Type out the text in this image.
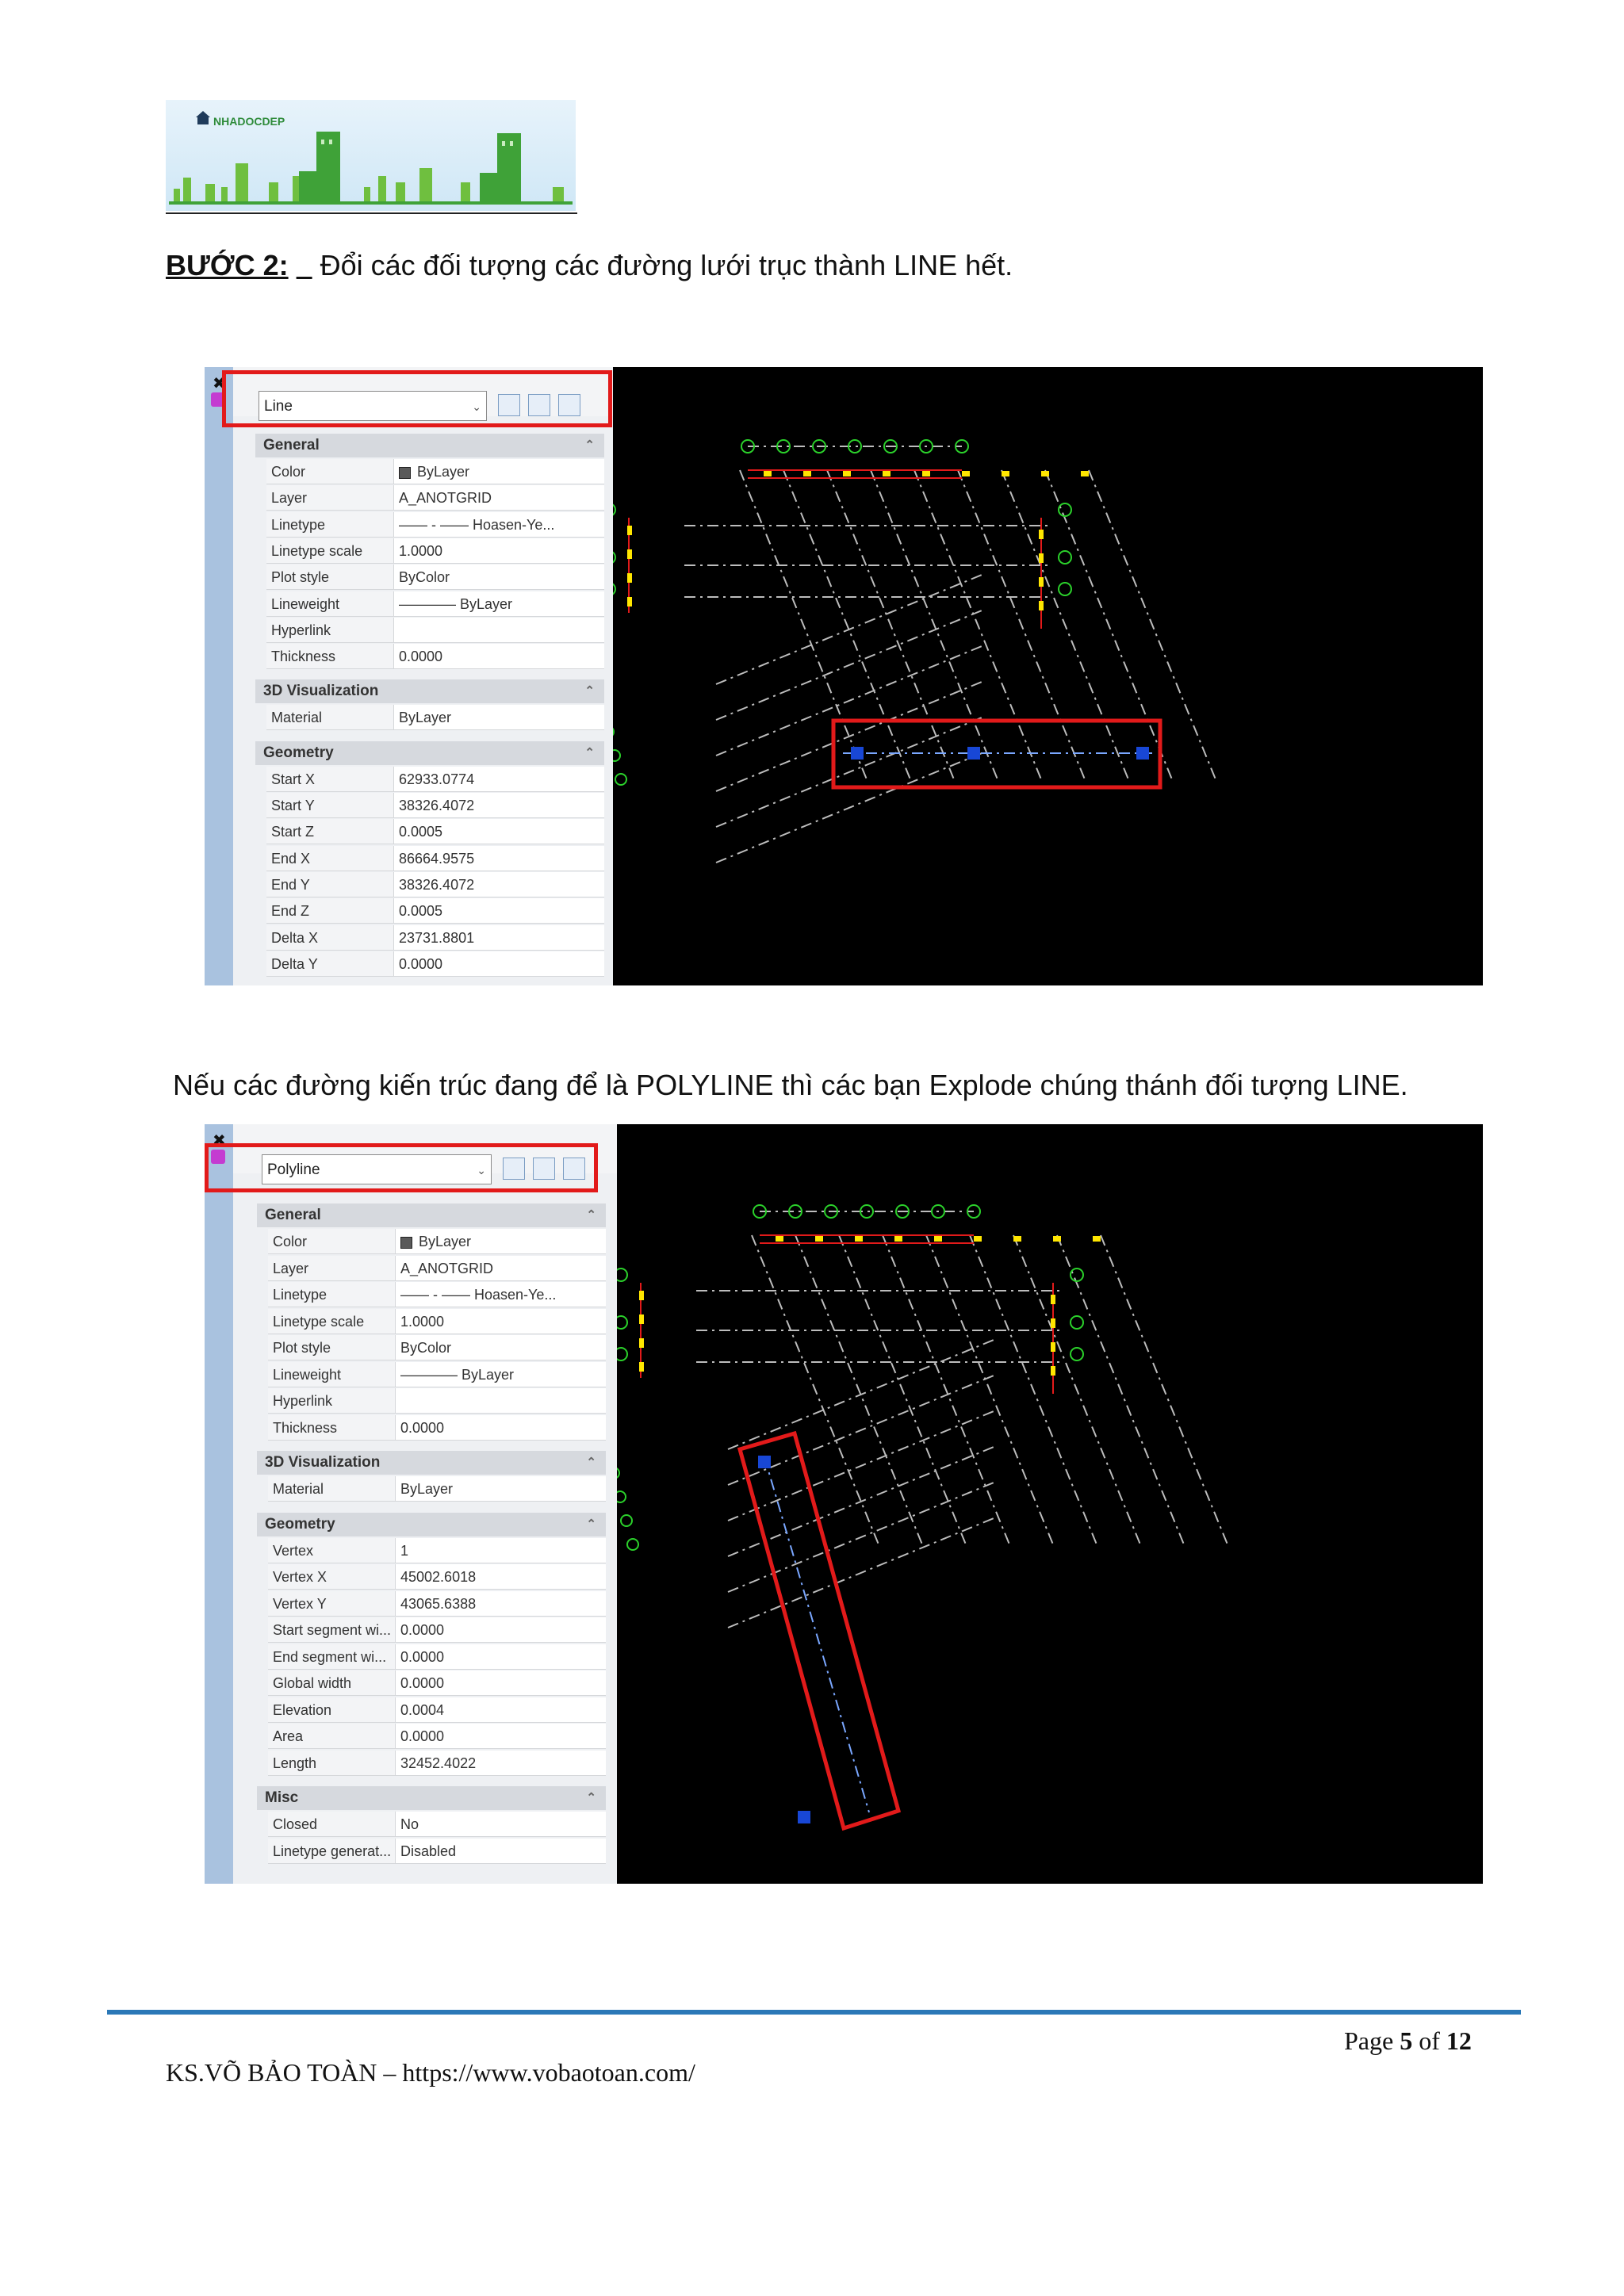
NHADOCDEP
BƯỚC 2: Đổi các đối tượng các đường lưới trục thành LINE hết.
✖
Line	⌄
General	⌃
Color	ByLayer
Layer	A_ANOTGRID
Linetype	—— - —— Hoasen-Ye...
Linetype scale	1.0000
Plot style	ByColor
Lineweight	———— ByLayer
Hyperlink
Thickness	0.0000
3D Visualization	⌃
Material	ByLayer
Geometry	⌃
Start X	62933.0774
Start Y	38326.4072
Start Z	0.0005
End X	86664.9575
End Y	38326.4072
End Z	0.0005
Delta X	23731.8801
Delta Y	0.0000
Nếu các đường kiến trúc đang để là POLYLINE thì các bạn Explode chúng thánh đối tượng LINE.
✖
Polyline	⌄
General	⌃
Color	ByLayer
Layer	A_ANOTGRID
Linetype	—— - —— Hoasen-Ye...
Linetype scale	1.0000
Plot style	ByColor
Lineweight	———— ByLayer
Hyperlink
Thickness	0.0000
3D Visualization	⌃
Material	ByLayer
Geometry	⌃
Vertex	1
Vertex X	45002.6018
Vertex Y	43065.6388
Start segment wi... 0.0000
End segment wi... 0.0000
Global width	0.0000
Elevation	0.0004
Area	0.0000
Length	32452.4022
Misc	⌃
Closed	No
Linetype generat... Disabled
Page 5 of 12
KS.VÕ BẢO TOÀN – https://www.vobaotoan.com/
